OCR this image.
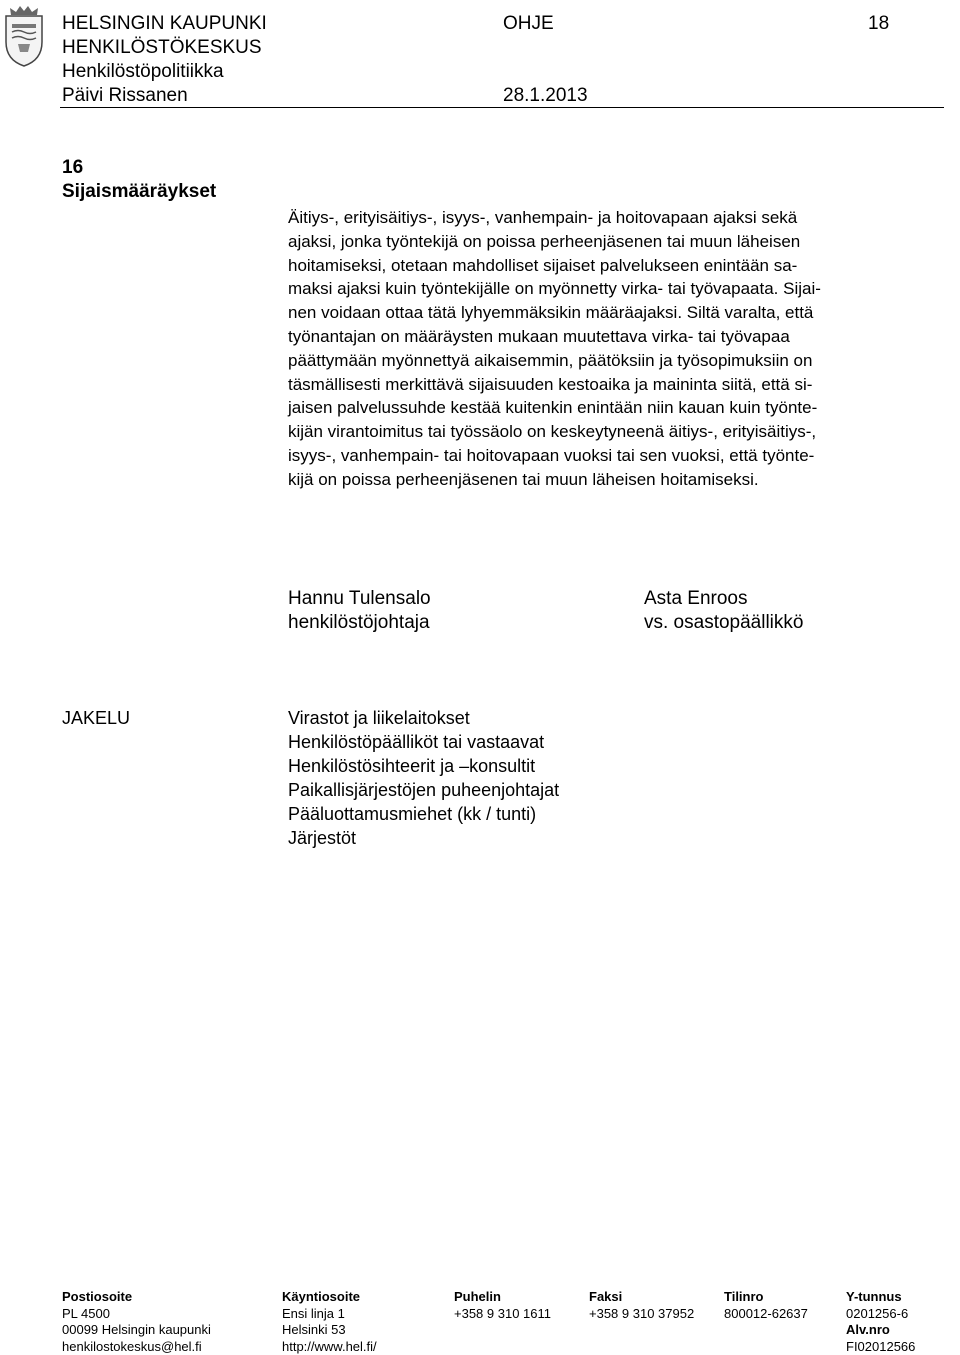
HELSINGIN KAUPUNKI
HENKILÖSTÖKESKUS
Henkilöstöpolitiikka
Päivi Rissanen
OHJE
28.1.2013
18
16
Sijaismääräykset

Äitiys-, erityisäitiys-, isyys-, vanhempain- ja hoitovapaan ajaksi sekä

ajaksi, jonka työntekijä on poissa perheenjäsenen tai muun läheisen

hoitamiseksi, otetaan mahdolliset sijaiset palvelukseen enintään sa-

maksi ajaksi kuin työntekijälle on myönnetty virka- tai työvapaata. Sijai-

nen voidaan ottaa tätä lyhyemmäksikin määräajaksi. Siltä varalta, että

työnantajan on määräysten mukaan muutettava virka- tai työvapaa

päättymään myönnettyä aikaisemmin, päätöksiin ja työsopimuksiin on

täsmällisesti merkittävä sijaisuuden kestoaika ja maininta siitä, että si-

jaisen palvelussuhde kestää kuitenkin enintään niin kauan kuin työnte-

kijän virantoimitus tai työssäolo on keskeytyneenä äitiys-, erityisäitiys-,

isyys-, vanhempain- tai hoitovapaan vuoksi tai sen vuoksi, että työnte-

kijä on poissa perheenjäsenen tai muun läheisen hoitamiseksi.

Hannu Tulensalo
henkilöstöjohtaja
Asta Enroos
vs. osastopäällikkö
JAKELU	Virastot ja liikelaitokset
Henkilöstöpäälliköt tai vastaavat
Henkilöstösihteerit ja –konsultit
Paikallisjärjestöjen puheenjohtajat
Pääluottamusmiehet (kk / tunti)
Järjestöt
Postiosoite
PL 4500
00099 Helsingin kaupunki
henkilostokeskus@hel.fi
Käyntiosoite
Ensi linja 1
Helsinki 53
http://www.hel.fi/
Puhelin
+358 9 310 1611
Faksi
+358 9 310 37952
Tilinro
800012-62637
Y-tunnus
0201256-6
Alv.nro
FI02012566
